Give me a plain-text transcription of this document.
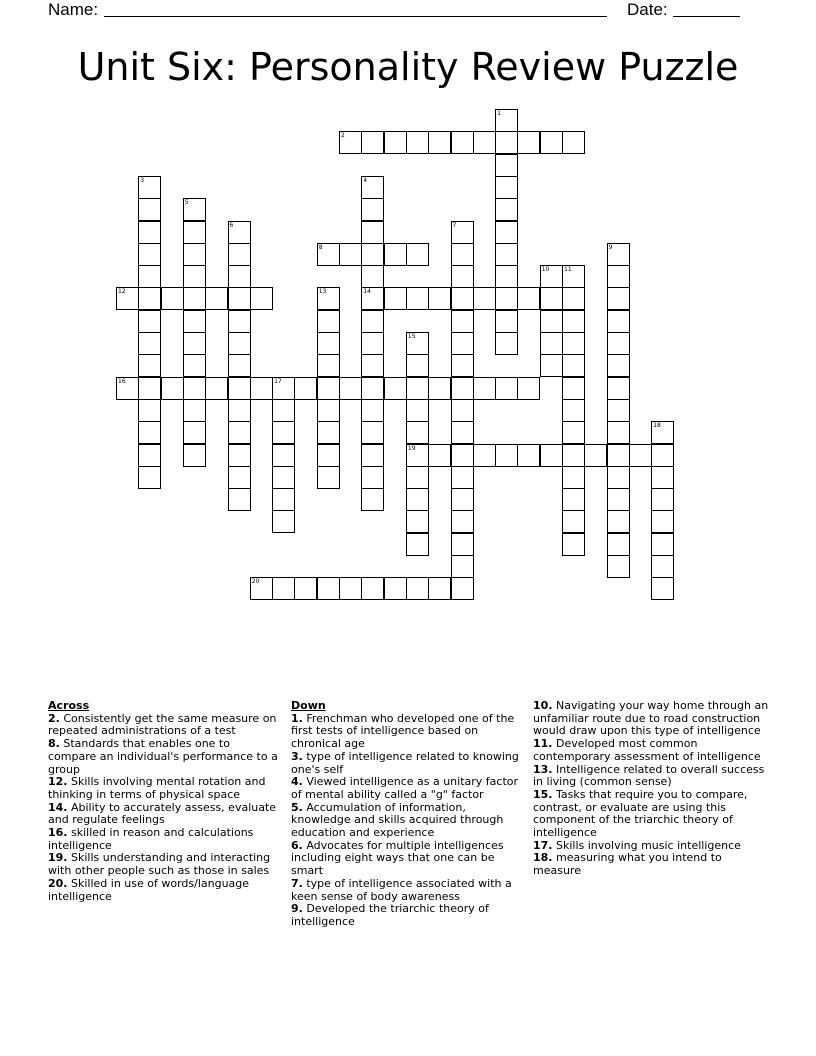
Name:	Date:
Unit Six: Personality Review Puzzle
1
2
3	4
14
5
6	7
8	9
10 11
12	13
15
19
16	17
18
20
Across

2. Consistently get the same measure on repeated administrations of a test

8. Standards that enables one to compare an individual's performance to a group

12. Skills involving mental rotation and thinking in terms of physical space

14. Ability to accurately assess, evaluate and regulate feelings

16. skilled in reason and calculations intelligence

19. Skills understanding and interacting with other people such as those in sales

20. Skilled in use of words/language intelligence

Down

1. Frenchman who developed one of the first tests of intelligence based on chronical age

3. type of intelligence related to knowing one's self

4. Viewed intelligence as a unitary factor of mental ability called a "g" factor

5. Accumulation of information, knowledge and skills acquired through education and experience

6. Advocates for multiple intelligences including eight ways that one can be smart

7. type of intelligence associated with a keen sense of body awareness

9. Developed the triarchic theory of intelligence

10. Navigating your way home through an unfamiliar route due to road construction would draw upon this type of intelligence

11. Developed most common contemporary assessment of intelligence

13. Intelligence related to overall success in living (common sense)

15. Tasks that require you to compare, contrast, or evaluate are using this component of the triarchic theory of intelligence

17. Skills involving music intelligence

18. measuring what you intend to measure
